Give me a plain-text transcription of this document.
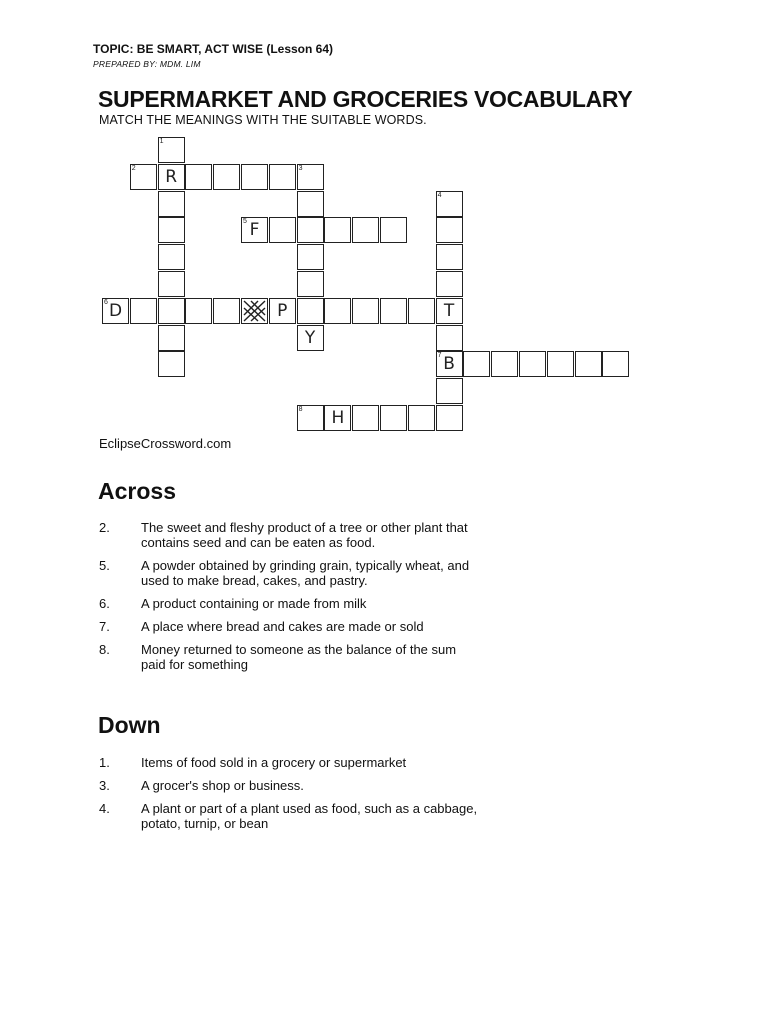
TOPIC: BE SMART, ACT WISE (Lesson 64)
PREPARED BY: MDM. LIM
SUPERMARKET AND GROCERIES VOCABULARY
MATCH THE MEANINGS WITH THE SUITABLE WORDS.
1
R
2	3
Y
4
T
7 B
5 F
6 D	P
8	H
EclipseCrossword.com
Across
2.	The sweet and fleshy product of a tree or other plant that contains seed and can be eaten as food.
5.	A powder obtained by grinding grain, typically wheat, and used to make bread, cakes, and pastry.
6.	A product containing or made from milk
7.	A place where bread and cakes are made or sold
8.	Money returned to someone as the balance of the sum paid for something
Down
1.	Items of food sold in a grocery or supermarket
3.	A grocer's shop or business.
4.	A plant or part of a plant used as food, such as a cabbage, potato, turnip, or bean
